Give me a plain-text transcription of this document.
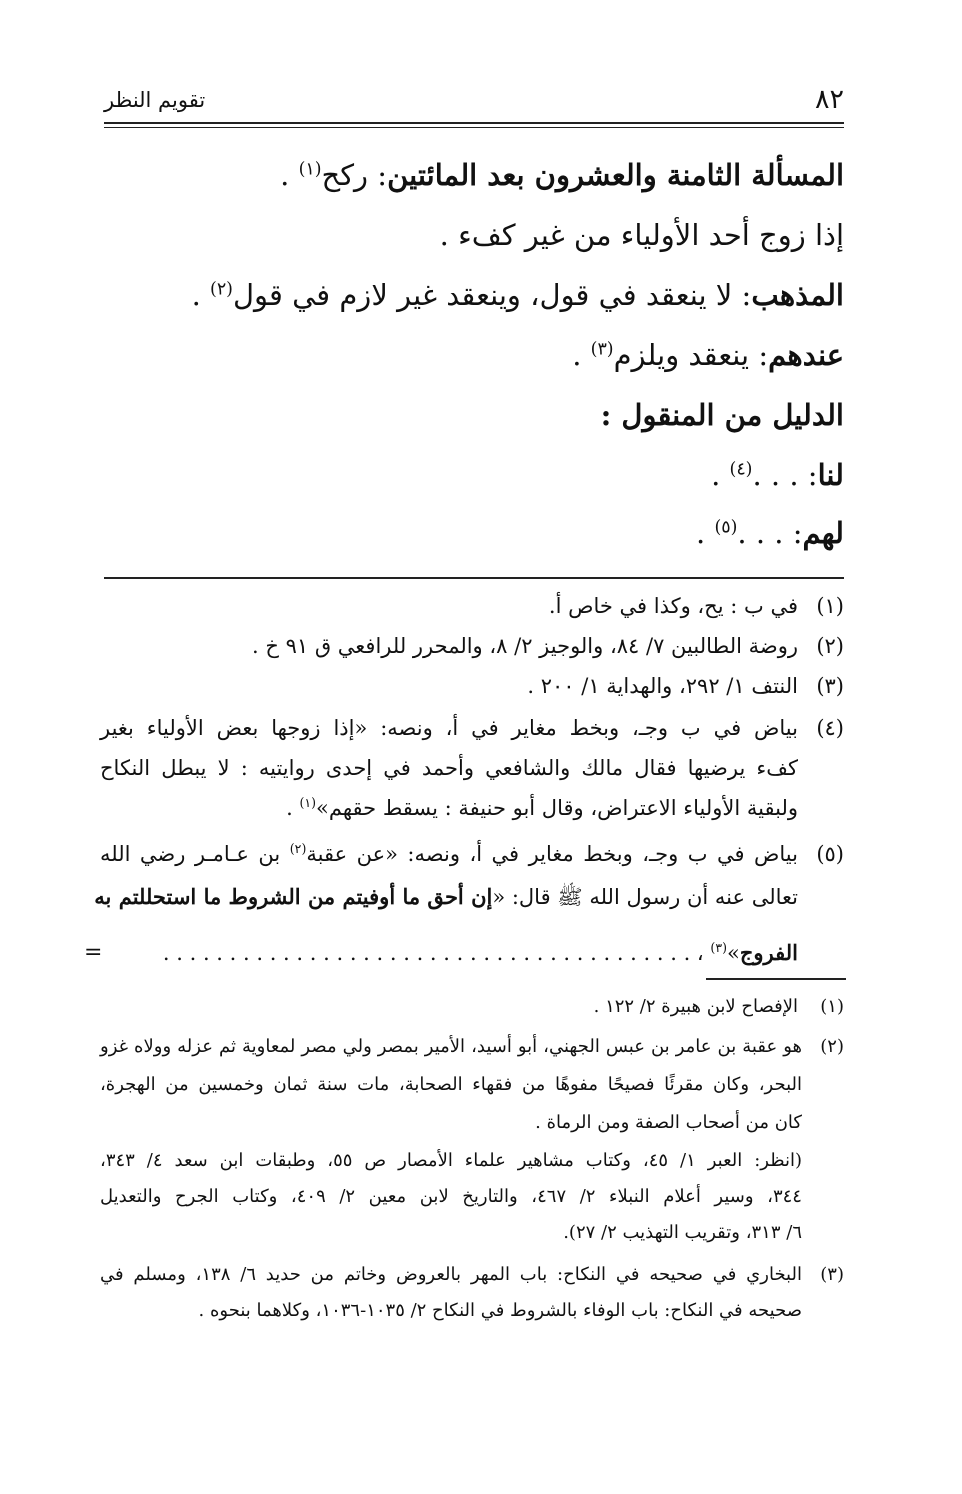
٨٢
تقويم النظر
المسألة الثامنة والعشرون بعد المائتين: ركح$^{(١)}$ .
إذا زوج أحد الأولياء من غير كفء .
المذهب: لا ينعقد في قول، وينعقد غير لازم في قول$^{(٢)}$ .
عندهم: ينعقد ويلزم$^{(٣)}$ .
الدليل من المنقول :
لنا: . . .$^{(٤)}$ .
لهم: . . .$^{(٥)}$ .
(١)في ب : يح، وكذا في خاص أ.
(٢)روضة الطالبين ٧/ ٨٤، والوجيز ٢/ ٨، والمحرر للرافعي ق ٩١ خ .
(٣)النتف ١/ ٢٩٢، والهداية ١/ ٢٠٠ .
(٤)
بياض في ب وجـ، وبخط مغاير في أ، ونصه: «إذا زوجها بعض الأولياء بغير
كفء يرضيها فقال مالك والشافعي وأحمد في إحدى روايتيه : لا يبطل النكاح
ولبقية الأولياء الاعتراض، وقال أبو حنيفة : يسقط حقهم»$^{(١)}$ .
(٥)
بياض في ب وجـ، وبخط مغاير في أ، ونصه: «عن عقبة$^{(٢)}$ بن عـامـر رضي الله
تعالى عنه أن رسول الله ﷺ قال: «إن أحق ما أوفيتم من الشروط ما استحللتم به
الفروج»$^{(٣)}$ ، . . . . . . . . . . . . . . . . . . . . . . . . . . . . . . . . . . . . . . . .
=
(١)الإفصاح لابن هبيرة ٢/ ١٢٢ .
(٢)
هو عقبة بن عامر بن عبس الجهني، أبو أسيد، الأمير بمصر ولي مصر لمعاوية ثم عزله وولاه غزو
البحر، وكان مقرئًا فصيحًا مفوهًا من فقهاء الصحابة، مات سنة ثمان وخمسين من الهجرة،
كان من أصحاب الصفة ومن الرماة .
(انظر: العبر ١/ ٤٥، وكتاب مشاهير علماء الأمصار ص ٥٥، وطبقات ابن سعد ٤/ ٣٤٣،
٣٤٤، وسير أعلام النبلاء ٢/ ٤٦٧، والتاريخ لابن معين ٢/ ٤٠٩، وكتاب الجرح والتعديل
٦/ ٣١٣، وتقريب التهذيب ٢/ ٢٧).
(٣)
البخاري في صحيحه في النكاح: باب المهر بالعروض وخاتم من حديد ٦/ ١٣٨، ومسلم في
صحيحه في النكاح: باب الوفاء بالشروط في النكاح ٢/ ١٠٣٥-١٠٣٦، وكلاهما بنحوه .
